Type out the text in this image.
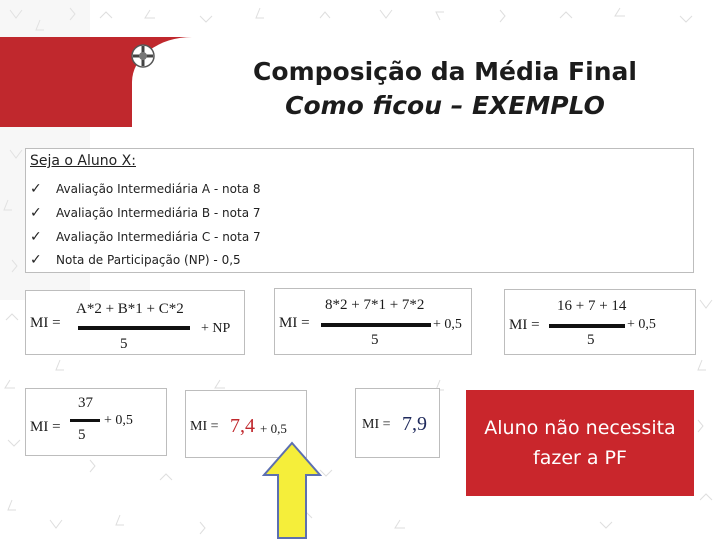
Composição da Média Final
Como ficou – EXEMPLO
Seja o Aluno X:
✓ Avaliação Intermediária A - nota 8
✓ Avaliação Intermediária B - nota 7
✓ Avaliação Intermediária C - nota 7
✓ Nota de Participação (NP) - 0,5
MI =
A*2 + B*1 + C*2
5
+ NP	MI =
8*2 + 7*1 + 7*2
5
+ 0,5	MI =
16 + 7 + 14
5
+ 0,5
MI =
37
5
+ 0,5	MI = 7,4 + 0,5	MI = 7,9	Aluno não necessita fazer a PF
